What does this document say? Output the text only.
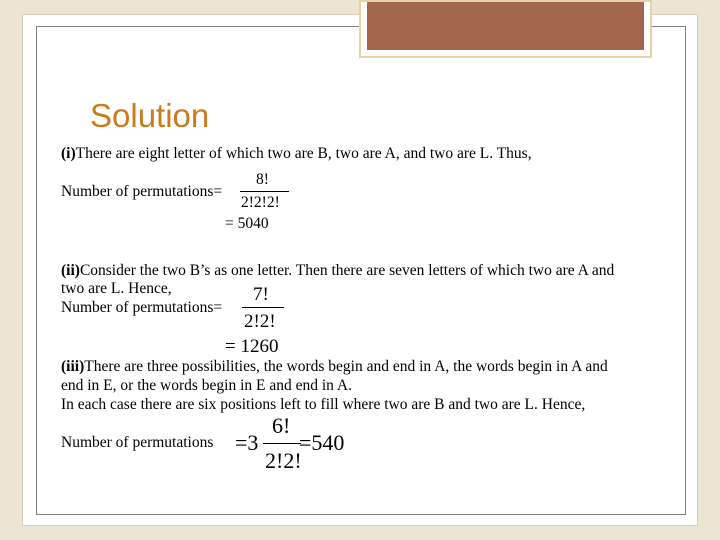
Solution
(i)There are eight letter of which two are B, two are A, and two are L. Thus,
Number of permutations=
8!
2!2!2!
= 5040
(ii)Consider the two B’s as one letter. Then there are seven letters of which two are A and
two are L. Hence,
Number of permutations=
7!
2!2!
= 1260
(iii)There are three possibilities, the words begin and end in A, the words begin in A and
end in E, or the words begin in E and end in A.
In each case there are six positions left to fill where two are B and two are L. Hence,
Number of permutations =3
6!
2!2!
=540
